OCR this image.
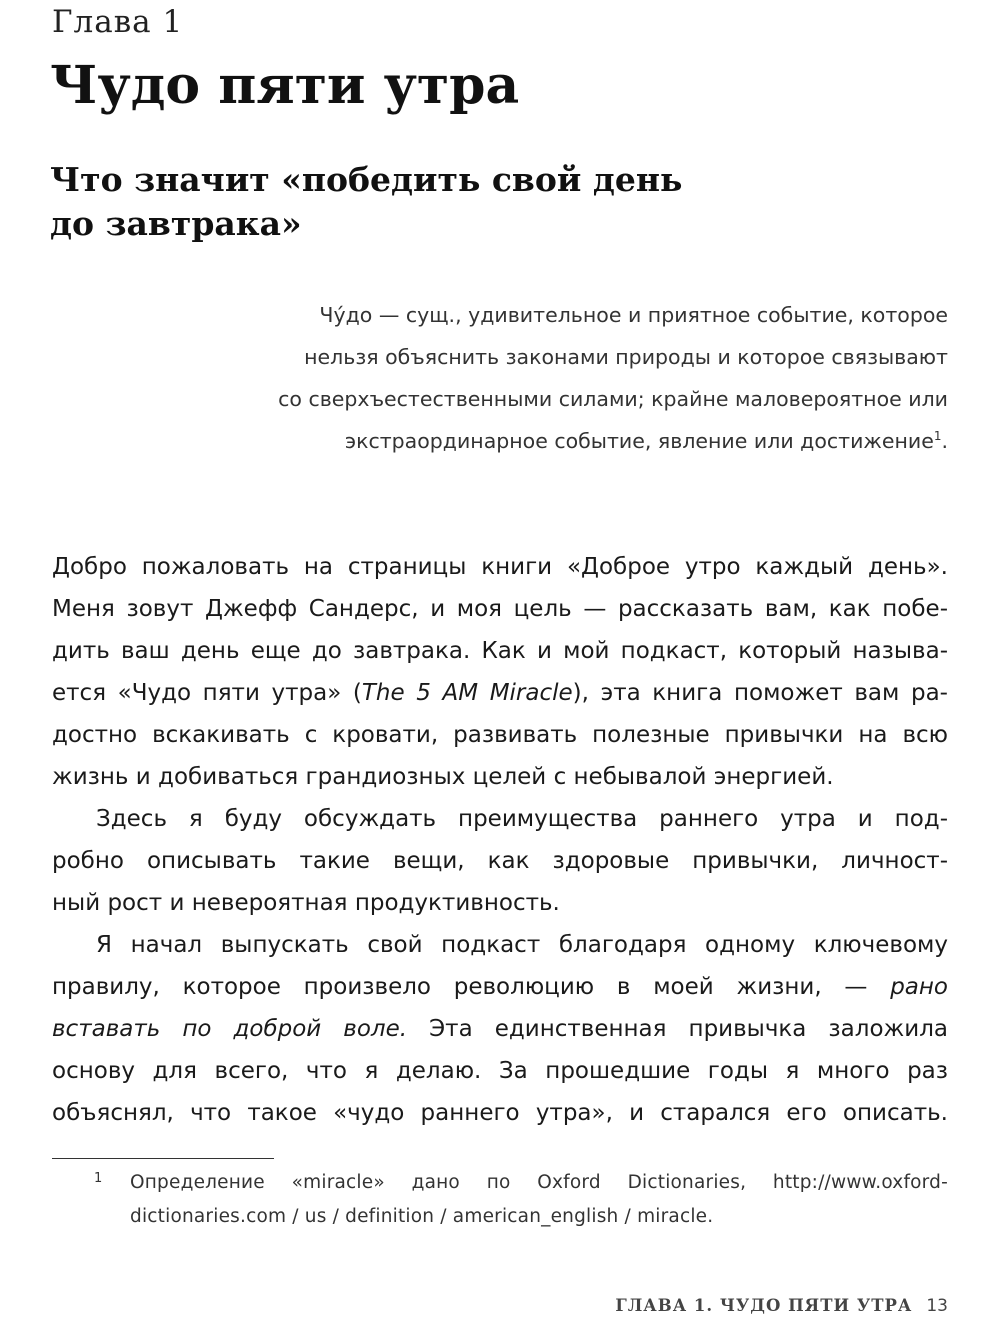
Глава 1
Чудо пяти утра
Что значит «победить свой день
до завтрака»
Чу́до — сущ., удивительное и приятное событие, которое
нельзя объяснить законами природы и которое связывают
со сверхъестественными силами; крайне маловероятное или
экстраординарное событие, явление или достижение$^1$.
Добро пожаловать на страницы книги «Доброе утро каждый день».
Меня зовут Джефф Сандерс, и моя цель — рассказать вам, как побе-
дить ваш день еще до завтрака. Как и мой подкаст, который называ-
ется «Чудо пяти утра» (The 5 AM Miracle), эта книга поможет вам ра-
достно вскакивать с кровати, развивать полезные привычки на всю
жизнь и добиваться грандиозных целей с небывалой энергией.
Здесь я буду обсуждать преимущества раннего утра и под-
робно описывать такие вещи, как здоровые привычки, личност-
ный рост и невероятная продуктивность.
Я начал выпускать свой подкаст благодаря одному ключевому
правилу, которое произвело революцию в моей жизни, — рано
вставать по доброй воле. Эта единственная привычка заложила
основу для всего, что я делаю. За прошедшие годы я много раз
объяснял, что такое «чудо раннего утра», и старался его описать.
1 Определение «miracle» дано по Oxford Dictionaries, http://www.oxford-
dictionaries.com / us / definition / american_english / miracle.
ГЛАВА 1. ЧУДО ПЯТИ УТРА 13
